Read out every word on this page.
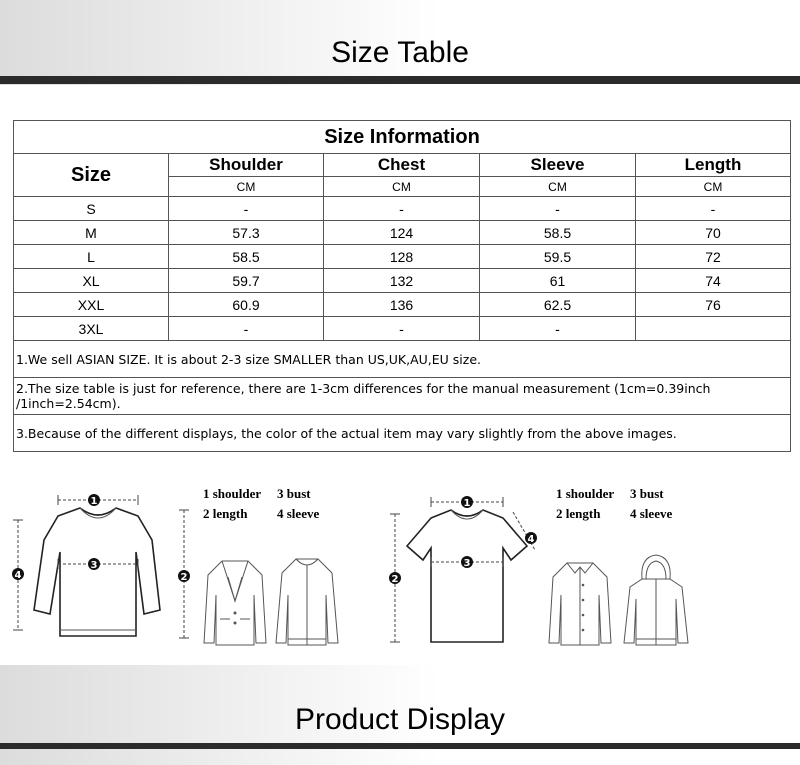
Size Table
Size Information				
Size	Shoulder	Chest	Sleeve	Length
	CM	CM	CM	CM
S	-	-	-	-
M	57.3	124	58.5	70
L	58.5	128	59.5	72
XL	59.7	132	61	74
XXL	60.9	136	62.5	76
3XL	-	-	-	
1.We sell ASIAN SIZE. It is about 2-3 size SMALLER than US,UK,AU,EU size.				
2.The size table is just for reference, there are 1-3cm differences for the manual measurement (1cm=0.39inch /1inch=2.54cm).				
3.Because of the different displays, the color of the actual item may vary slightly from the above images.				
1
3
2
4
1 shoulder 3 bust
2 length 4 sleeve
1
3
2
4
1 shoulder 3 bust
2 length 4 sleeve
Product Display
